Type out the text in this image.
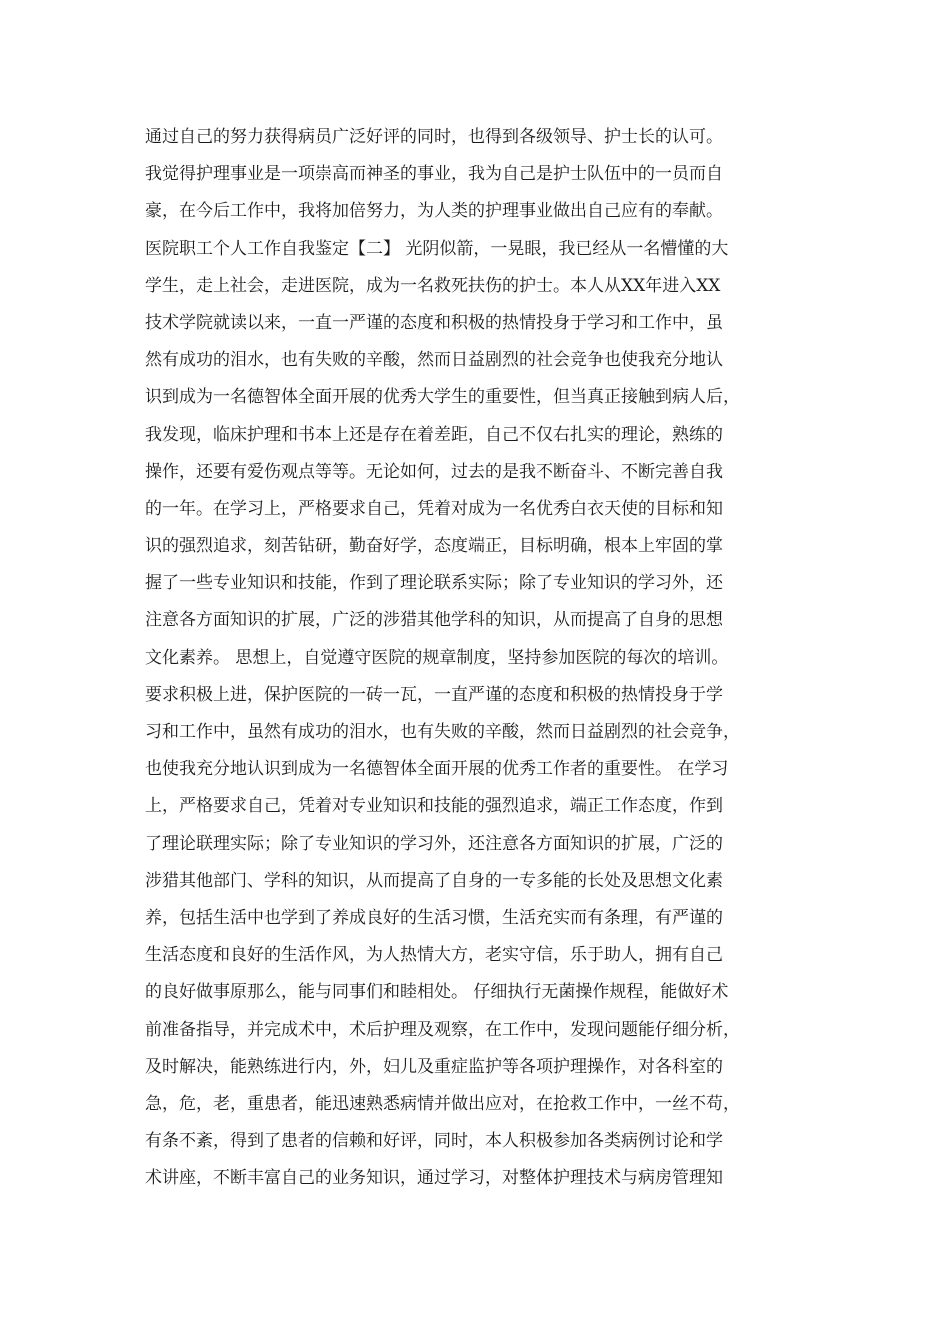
通过自己的努力获得病员广泛好评的同时，也得到各级领导、护士长的认可。
我觉得护理事业是一项崇高而神圣的事业，我为自己是护士队伍中的一员而自
豪，在今后工作中，我将加倍努力，为人类的护理事业做出自己应有的奉献。
医院职工个人工作自我鉴定【二】 光阴似箭，一晃眼，我已经从一名懵懂的大
学生，走上社会，走进医院，成为一名救死扶伤的护士。本人从XX年进入XX
技术学院就读以来，一直一严谨的态度和积极的热情投身于学习和工作中，虽
然有成功的泪水，也有失败的辛酸，然而日益剧烈的社会竞争也使我充分地认
识到成为一名德智体全面开展的优秀大学生的重要性，但当真正接触到病人后，
我发现，临床护理和书本上还是存在着差距，自己不仅右扎实的理论，熟练的
操作，还要有爱伤观点等等。无论如何，过去的是我不断奋斗、不断完善自我
的一年。在学习上，严格要求自己，凭着对成为一名优秀白衣天使的目标和知
识的强烈追求，刻苦钻研，勤奋好学，态度端正，目标明确，根本上牢固的掌
握了一些专业知识和技能，作到了理论联系实际；除了专业知识的学习外，还
注意各方面知识的扩展，广泛的涉猎其他学科的知识，从而提高了自身的思想
文化素养。 思想上，自觉遵守医院的规章制度，坚持参加医院的每次的培训。
要求积极上进，保护医院的一砖一瓦，一直严谨的态度和积极的热情投身于学
习和工作中，虽然有成功的泪水，也有失败的辛酸，然而日益剧烈的社会竞争，
也使我充分地认识到成为一名德智体全面开展的优秀工作者的重要性。 在学习
上，严格要求自己，凭着对专业知识和技能的强烈追求，端正工作态度，作到
了理论联理实际；除了专业知识的学习外，还注意各方面知识的扩展，广泛的
涉猎其他部门、学科的知识，从而提高了自身的一专多能的长处及思想文化素
养，包括生活中也学到了养成良好的生活习惯，生活充实而有条理，有严谨的
生活态度和良好的生活作风，为人热情大方，老实守信，乐于助人，拥有自己
的良好做事原那么，能与同事们和睦相处。 仔细执行无菌操作规程，能做好术
前准备指导，并完成术中，术后护理及观察，在工作中，发现问题能仔细分析，
及时解决，能熟练进行内，外，妇儿及重症监护等各项护理操作，对各科室的
急，危，老，重患者，能迅速熟悉病情并做出应对，在抢救工作中，一丝不苟，
有条不紊，得到了患者的信赖和好评，同时，本人积极参加各类病例讨论和学
术讲座，不断丰富自己的业务知识，通过学习，对整体护理技术与病房管理知
